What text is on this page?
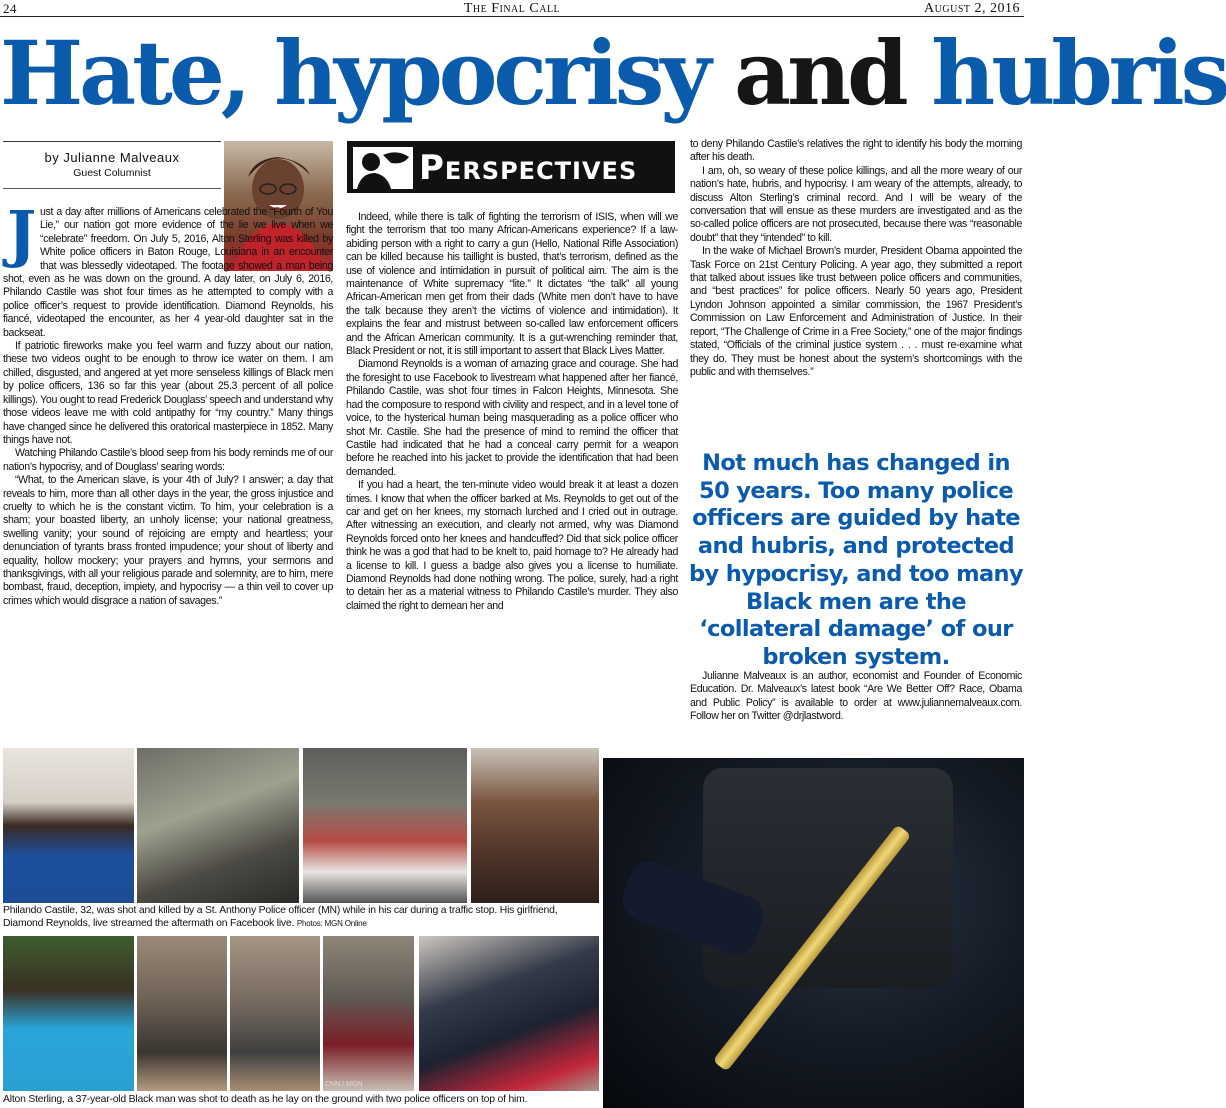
24	The Final Call	August 2, 2016
Hate, hypocrisy and hubris
by Julianne Malveaux
Guest Columnist	Perspectives

Just a day after millions of Americans celebrated the “Fourth of You Lie,” our nation got more evidence of the lie we live when we “celebrate” freedom. On July 5, 2016, Alton Sterling was killed by White police officers in Baton Rouge, Louisiana in an encounter that was blessedly videotaped. The footage showed a man being shot, even as he was down on the ground. A day later, on July 6, 2016, Philando Castile was shot four times as he attempted to comply with a police officer’s request to provide identification. Diamond Reynolds, his fiancé, videotaped the encounter, as her 4 year-old daughter sat in the backseat.

If patriotic fireworks make you feel warm and fuzzy about our nation, these two videos ought to be enough to throw ice water on them. I am chilled, disgusted, and angered at yet more senseless killings of Black men by police officers, 136 so far this year (about 25.3 percent of all police killings). You ought to read Frederick Douglass’ speech and understand why those videos leave me with cold antipathy for “my country.” Many things have changed since he delivered this oratorical masterpiece in 1852. Many things have not.

Watching Philando Castile’s blood seep from his body reminds me of our nation’s hypocrisy, and of Douglass’ searing words:

“What, to the American slave, is your 4th of July? I answer; a day that reveals to him, more than all other days in the year, the gross injustice and cruelty to which he is the constant victim. To him, your celebration is a sham; your boasted liberty, an unholy license; your national greatness, swelling vanity; your sound of rejoicing are empty and heartless; your denunciation of tyrants brass fronted impudence; your shout of liberty and equality, hollow mockery; your prayers and hymns, your sermons and thanksgivings, with all your religious parade and solemnity, are to him, mere bombast, fraud, deception, impiety, and hypocrisy — a thin veil to cover up crimes which would disgrace a nation of savages.”

Indeed, while there is talk of fighting the terrorism of ISIS, when will we fight the terrorism that too many African-Americans experience? If a law-abiding person with a right to carry a gun (Hello, National Rifle Association) can be killed because his taillight is busted, that’s terrorism, defined as the use of violence and intimidation in pursuit of political aim. The aim is the maintenance of White supremacy “lite.” It dictates “the talk” all young African-American men get from their dads (White men don’t have to have the talk because they aren’t the victims of violence and intimidation). It explains the fear and mistrust between so-called law enforcement officers and the African American community. It is a gut-wrenching reminder that, Black President or not, it is still important to assert that Black Lives Matter.

Diamond Reynolds is a woman of amazing grace and courage. She had the foresight to use Facebook to livestream what happened after her fiancé, Philando Castile, was shot four times in Falcon Heights, Minnesota. She had the composure to respond with civility and respect, and in a level tone of voice, to the hysterical human being masquerading as a police officer who shot Mr. Castile. She had the presence of mind to remind the officer that Castile had indicated that he had a conceal carry permit for a weapon before he reached into his jacket to provide the identification that had been demanded.

If you had a heart, the ten-minute video would break it at least a dozen times. I know that when the officer barked at Ms. Reynolds to get out of the car and get on her knees, my stomach lurched and I cried out in outrage. After witnessing an execution, and clearly not armed, why was Diamond Reynolds forced onto her knees and handcuffed? Did that sick police officer think he was a god that had to be knelt to, paid homage to? He already had a license to kill. I guess a badge also gives you a license to humiliate. Diamond Reynolds had done nothing wrong. The police, surely, had a right to detain her as a material witness to Philando Castile’s murder. They also claimed the right to demean her and

to deny Philando Castile’s relatives the right to identify his body the morning after his death.

I am, oh, so weary of these police killings, and all the more weary of our nation’s hate, hubris, and hypocrisy. I am weary of the attempts, already, to discuss Alton Sterling’s criminal record. And I will be weary of the conversation that will ensue as these murders are investigated and as the so-called police officers are not prosecuted, because there was “reasonable doubt” that they “intended” to kill.

In the wake of Michael Brown’s murder, President Obama appointed the Task Force on 21st Century Policing. A year ago, they submitted a report that talked about issues like trust between police officers and communities, and “best practices” for police officers. Nearly 50 years ago, President Lyndon Johnson appointed a similar commission, the 1967 President’s Commission on Law Enforcement and Administration of Justice. In their report, “The Challenge of Crime in a Free Society,” one of the major findings stated, “Officials of the criminal justice system . . . must re-examine what they do. They must be honest about the system’s shortcomings with the public and with themselves.”

Not much has changed in 50 years. Too many police officers are guided by hate and hubris, and protected by hypocrisy, and too many Black men are the ‘collateral damage’ of our broken system.

Julianne Malveaux is an author, economist and Founder of Economic Education. Dr. Malveaux’s latest book “Are We Better Off? Race, Obama and Public Policy” is available to order at www.juliannemalveaux.com. Follow her on Twitter @drjlastword.

Philando Castile, 32, was shot and killed by a St. Anthony Police officer (MN) while in his car during a traffic stop. His girlfriend, Diamond Reynolds, live streamed the aftermath on Facebook live. Photos: MGN Online
CNN / MGN
Alton Sterling, a 37-year-old Black man was shot to death as he lay on the ground with two police officers on top of him.
